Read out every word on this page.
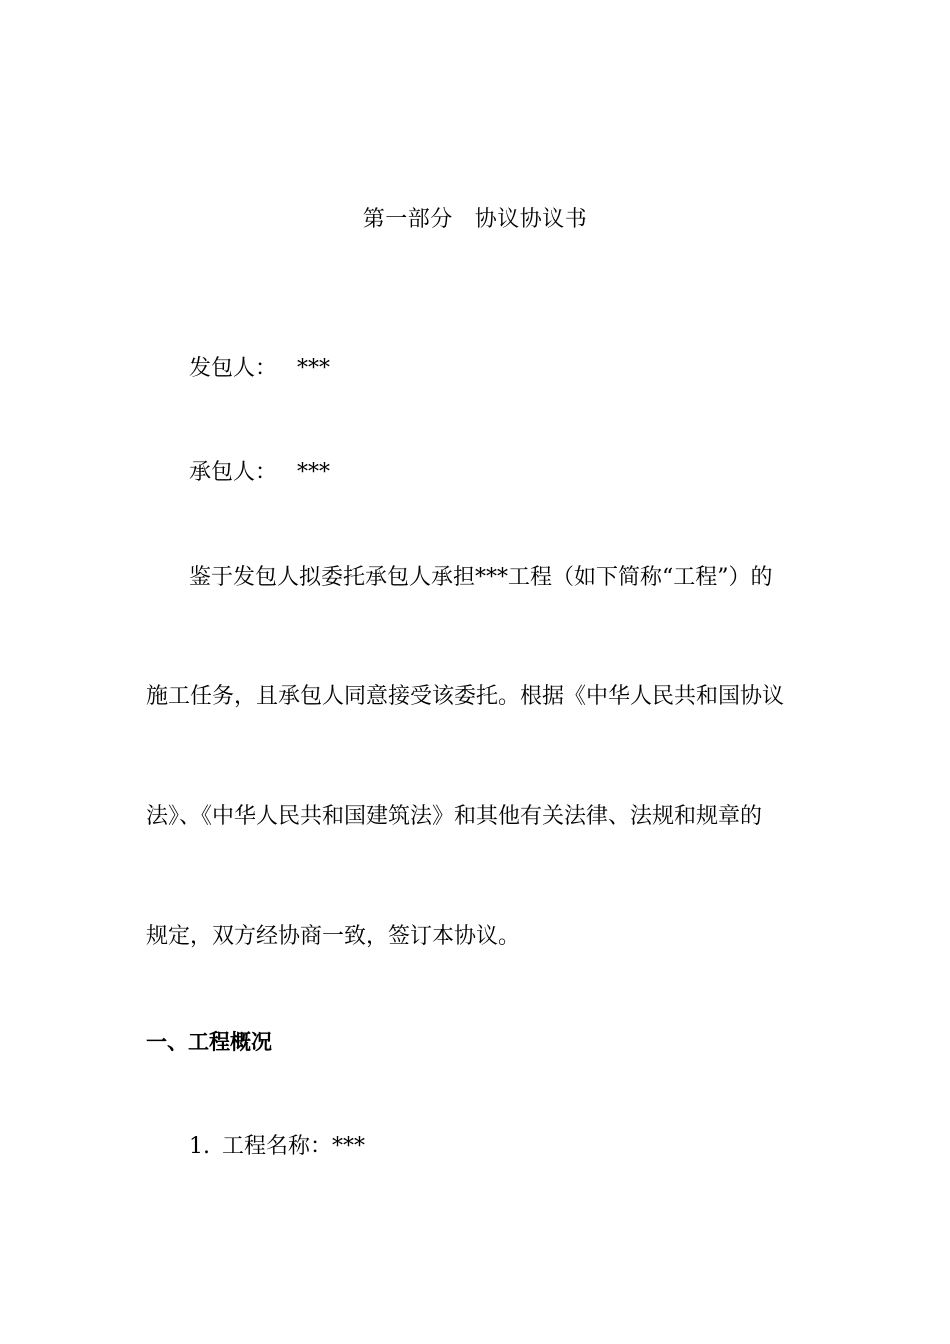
第一部分 协议协议书
发包人： ***
承包人： ***
鉴于发包人拟委托承包人承担***工程（如下简称“工程”）的
施工任务，且承包人同意接受该委托。根据《中华人民共和国协议
法》、《中华人民共和国建筑法》和其他有关法律、法规和规章的
规定，双方经协商一致，签订本协议。
一、工程概况
1. 工程名称：***
